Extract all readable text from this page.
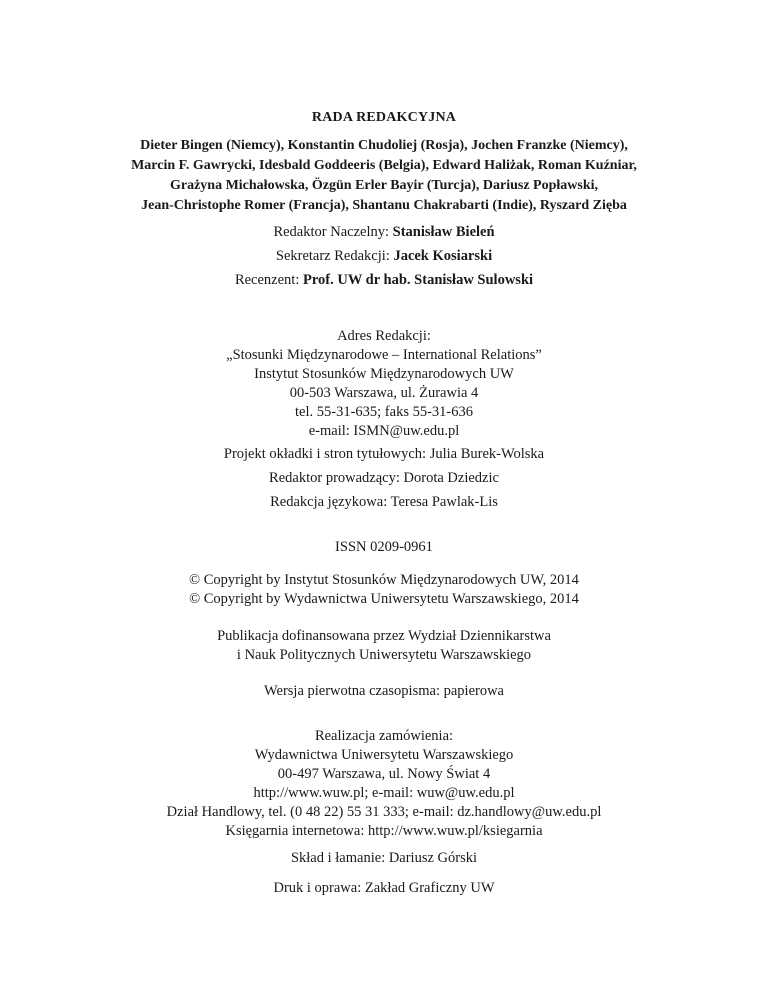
RADA REDAKCYJNA
Dieter Bingen (Niemcy), Konstantin Chudoliej (Rosja), Jochen Franzke (Niemcy),
Marcin F. Gawrycki, Idesbald Goddeeris (Belgia), Edward Haliżak, Roman Kuźniar,
Grażyna Michałowska, Özgün Erler Bayir (Turcja), Dariusz Popławski,
Jean-Christophe Romer (Francja), Shantanu Chakrabarti (Indie), Ryszard Zięba
Redaktor Naczelny: Stanisław Bieleń
Sekretarz Redakcji: Jacek Kosiarski
Recenzent: Prof. UW dr hab. Stanisław Sulowski
Adres Redakcji:
„Stosunki Międzynarodowe – International Relations”
Instytut Stosunków Międzynarodowych UW
00-503 Warszawa, ul. Żurawia 4
tel. 55-31-635; faks 55-31-636
e-mail: ISMN@uw.edu.pl
Projekt okładki i stron tytułowych: Julia Burek-Wolska
Redaktor prowadzący: Dorota Dziedzic
Redakcja językowa: Teresa Pawlak-Lis
ISSN 0209-0961
© Copyright by Instytut Stosunków Międzynarodowych UW, 2014
© Copyright by Wydawnictwa Uniwersytetu Warszawskiego, 2014
Publikacja dofinansowana przez Wydział Dziennikarstwa
i Nauk Politycznych Uniwersytetu Warszawskiego
Wersja pierwotna czasopisma: papierowa
Realizacja zamówienia:
Wydawnictwa Uniwersytetu Warszawskiego
00-497 Warszawa, ul. Nowy Świat 4
http://www.wuw.pl; e-mail: wuw@uw.edu.pl
Dział Handlowy, tel. (0 48 22) 55 31 333; e-mail: dz.handlowy@uw.edu.pl
Księgarnia internetowa: http://www.wuw.pl/ksiegarnia
Skład i łamanie: Dariusz Górski
Druk i oprawa: Zakład Graficzny UW
